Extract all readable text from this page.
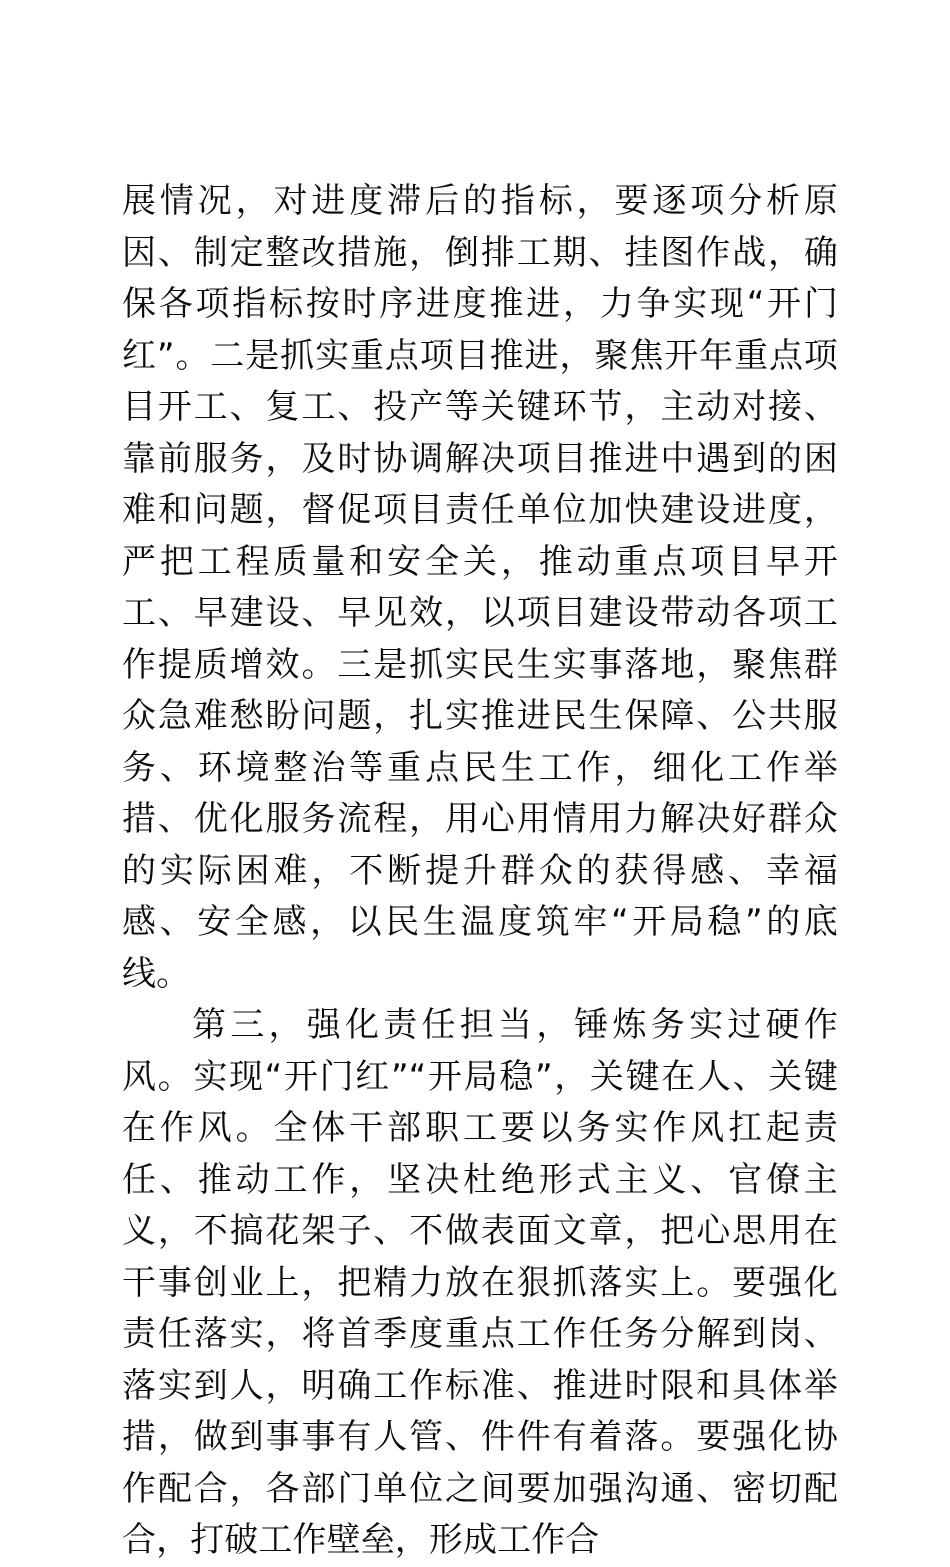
展情况，对进度滞后的指标，要逐项分析原因、制定整改措施，倒排工期、挂图作战，确保各项指标按时序进度推进，力争实现“开门红”。二是抓实重点项目推进，聚焦开年重点项目开工、复工、投产等关键环节，主动对接、靠前服务，及时协调解决项目推进中遇到的困难和问题，督促项目责任单位加快建设进度，严把工程质量和安全关，推动重点项目早开工、早建设、早见效，以项目建设带动各项工作提质增效。三是抓实民生实事落地，聚焦群众急难愁盼问题，扎实推进民生保障、公共服务、环境整治等重点民生工作，细化工作举措、优化服务流程，用心用情用力解决好群众的实际困难，不断提升群众的获得感、幸福感、安全感，以民生温度筑牢“开局稳”的底线。

第三，强化责任担当，锤炼务实过硬作风。实现“开门红”“开局稳”，关键在人、关键在作风。全体干部职工要以务实作风扛起责任、推动工作，坚决杜绝形式主义、官僚主义，不搞花架子、不做表面文章，把心思用在干事创业上，把精力放在狠抓落实上。要强化责任落实，将首季度重点工作任务分解到岗、落实到人，明确工作标准、推进时限和具体举措，做到事事有人管、件件有着落。要强化协作配合，各部门单位之间要加强沟通、密切配合，打破工作壁垒，形成工作合
